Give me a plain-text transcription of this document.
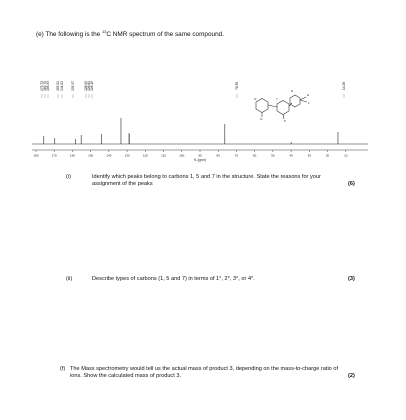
(e) The following is the $^{13}$C NMR spectrum of the same compound.
175.73 169.70 158.33 155.21 144.02 133.37	128.95 128.81 128.15	76.38	14.28
O
O
7
5
N
H
1
180	170	160	150	140	130	120	110	100	90	80	70	60	50	40	30	20	10
f1 (ppm)
(i)	Identify which peaks belong to carbons 1, 5 and 7 in the structure. State the reasons for your assignment of the peaks	(6)
(ii)	Describe types of carbons (1, 5 and 7) in terms of 1°, 2°, 3°, or 4°.	(3)
(f) The Mass spectrometry would tell us the actual mass of product 3, depending on the mass-to-charge ratio of ions. Show the calculated mass of product 3.	(2)
